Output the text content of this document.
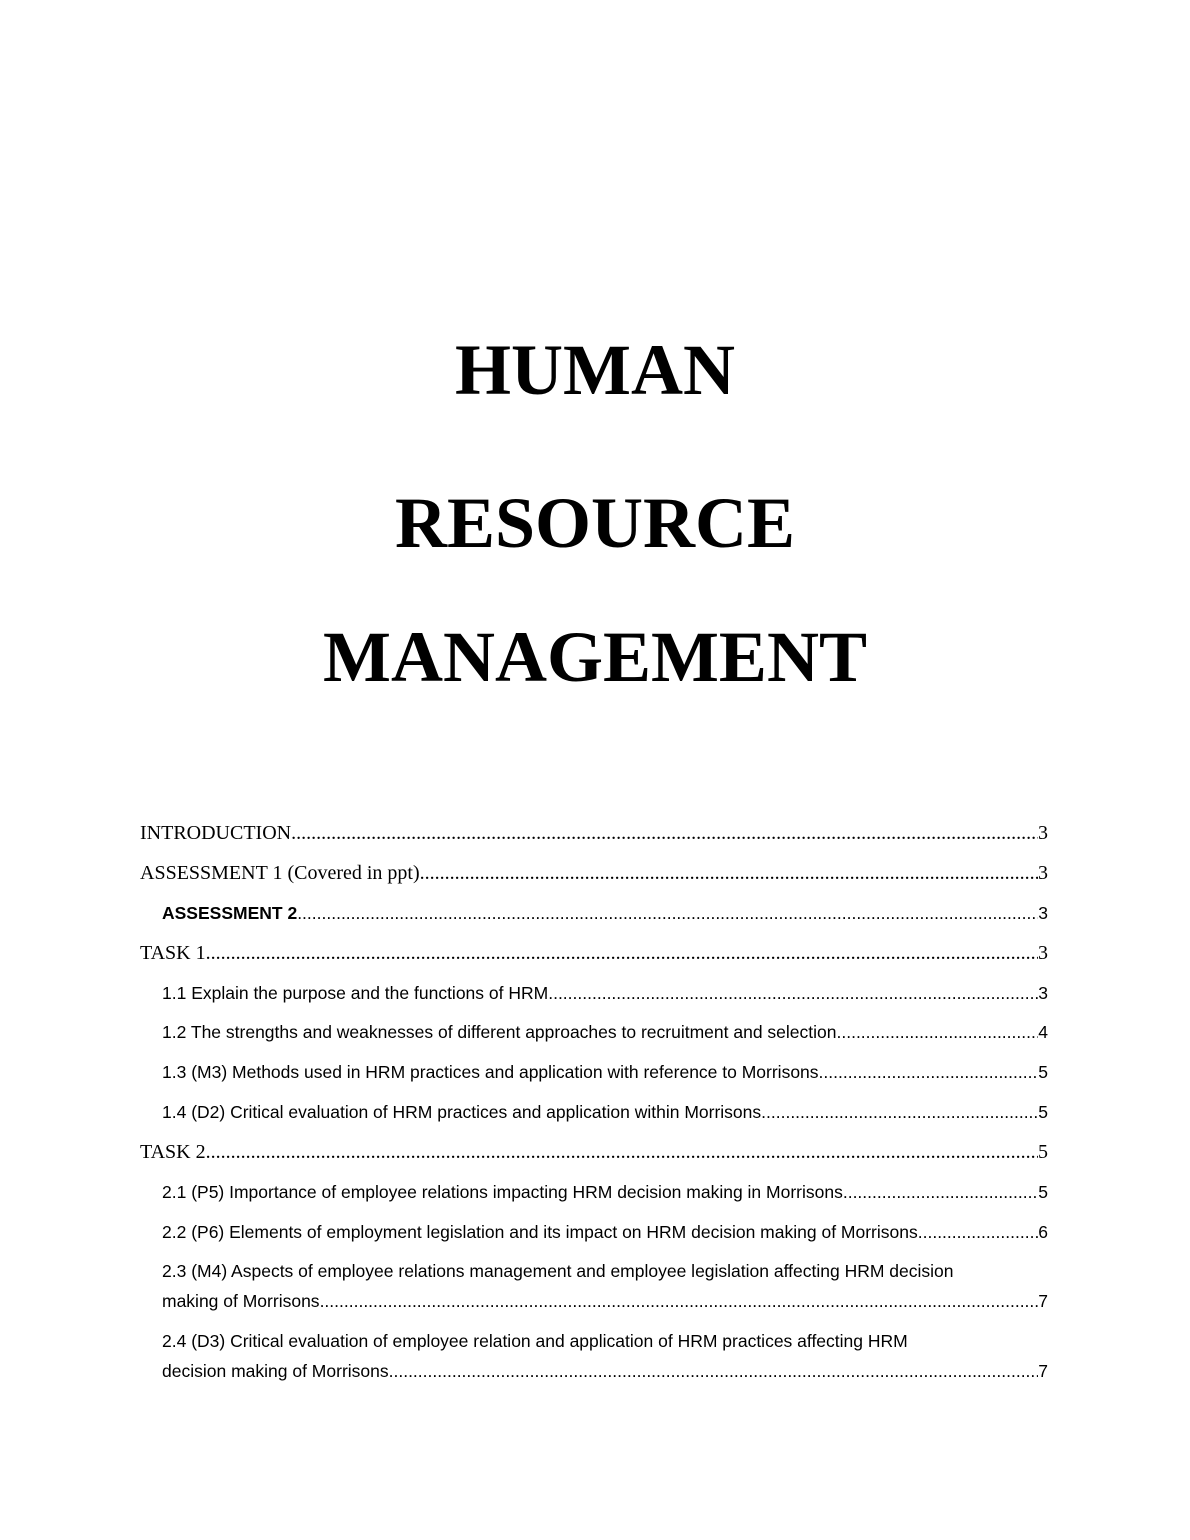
HUMAN
RESOURCE
MANAGEMENT
INTRODUCTION .....	3
ASSESSMENT 1 (Covered in ppt) .....	3
ASSESSMENT 2 .....	3
TASK 1 .....	3
1.1 Explain the purpose and the functions of HRM .....	3
1.2 The strengths and weaknesses of different approaches to recruitment and selection .....	4
1.3 (M3) Methods used in HRM practices and application with reference to Morrisons .....	5
1.4 (D2) Critical evaluation of HRM practices and application within Morrisons .....	5
TASK 2 .....	5
2.1 (P5) Importance of employee relations impacting HRM decision making in Morrisons .....	5
2.2 (P6) Elements of employment legislation and its impact on HRM decision making of Morrisons .....	6
2.3 (M4) Aspects of employee relations management and employee legislation affecting HRM decision
making of Morrisons .....	7
2.4 (D3) Critical evaluation of employee relation and application of HRM practices affecting HRM
decision making of Morrisons .....	7
